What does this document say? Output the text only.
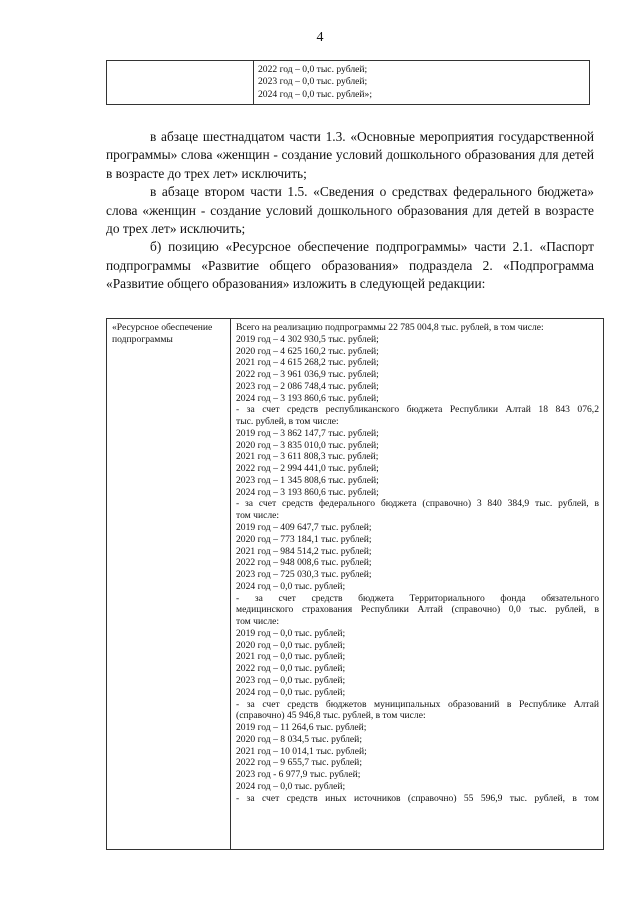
4

2022 год – 0,0 тыс. рублей;
2023 год – 0,0 тыс. рублей;
2024 год – 0,0 тыс. рублей»;

в абзаце шестнадцатом части 1.3. «Основные мероприятия государственной программы» слова «женщин - создание условий дошкольного образования для детей в возрасте до трех лет» исключить;

в абзаце втором части 1.5. «Сведения о средствах федерального бюджета» слова «женщин - создание условий дошкольного образования для детей в возрасте до трех лет» исключить;

б) позицию «Ресурсное обеспечение подпрограммы» части 2.1. «Паспорт подпрограммы «Развитие общего образования» подраздела 2. «Подпрограмма «Развитие общего образования» изложить в следующей редакции:

«Ресурсное обеспечение подпрограммы	
Всего на реализацию подпрограммы 22 785 004,8 тыс. рублей, в том числе:
2019 год – 4 302 930,5 тыс. рублей;
2020 год – 4 625 160,2 тыс. рублей;
2021 год – 4 615 268,2 тыс. рублей;
2022 год – 3 961 036,9 тыс. рублей;
2023 год – 2 086 748,4 тыс. рублей;
2024 год – 3 193 860,6 тыс. рублей;
- за счет средств республиканского бюджета Республики Алтай 18 843 076,2
тыс. рублей, в том числе:
2019 год – 3 862 147,7 тыс. рублей;
2020 год – 3 835 010,0 тыс. рублей;
2021 год – 3 611 808,3 тыс. рублей;
2022 год – 2 994 441,0 тыс. рублей;
2023 год – 1 345 808,6 тыс. рублей;
2024 год – 3 193 860,6 тыс. рублей;
- за счет средств федерального бюджета (справочно) 3 840 384,9 тыс. рублей, в
том числе:
2019 год – 409 647,7 тыс. рублей;
2020 год – 773 184,1 тыс. рублей;
2021 год – 984 514,2 тыс. рублей;
2022 год – 948 008,6 тыс. рублей;
2023 год – 725 030,3 тыс. рублей;
2024 год – 0,0 тыс. рублей;
- за счет средств бюджета Территориального фонда обязательного
медицинского страхования Республики Алтай (справочно) 0,0 тыс. рублей, в
том числе:
2019 год – 0,0 тыс. рублей;
2020 год – 0,0 тыс. рублей;
2021 год – 0,0 тыс. рублей;
2022 год – 0,0 тыс. рублей;
2023 год – 0,0 тыс. рублей;
2024 год – 0,0 тыс. рублей;
- за счет средств бюджетов муниципальных образований в Республике Алтай
(справочно) 45 946,8 тыс. рублей, в том числе:
2019 год – 11 264,6 тыс. рублей;
2020 год – 8 034,5 тыс. рублей;
2021 год – 10 014,1 тыс. рублей;
2022 год – 9 655,7 тыс. рублей;
2023 год - 6 977,9 тыс. рублей;
2024 год – 0,0 тыс. рублей;
- за счет средств иных источников (справочно) 55 596,9 тыс. рублей, в том
